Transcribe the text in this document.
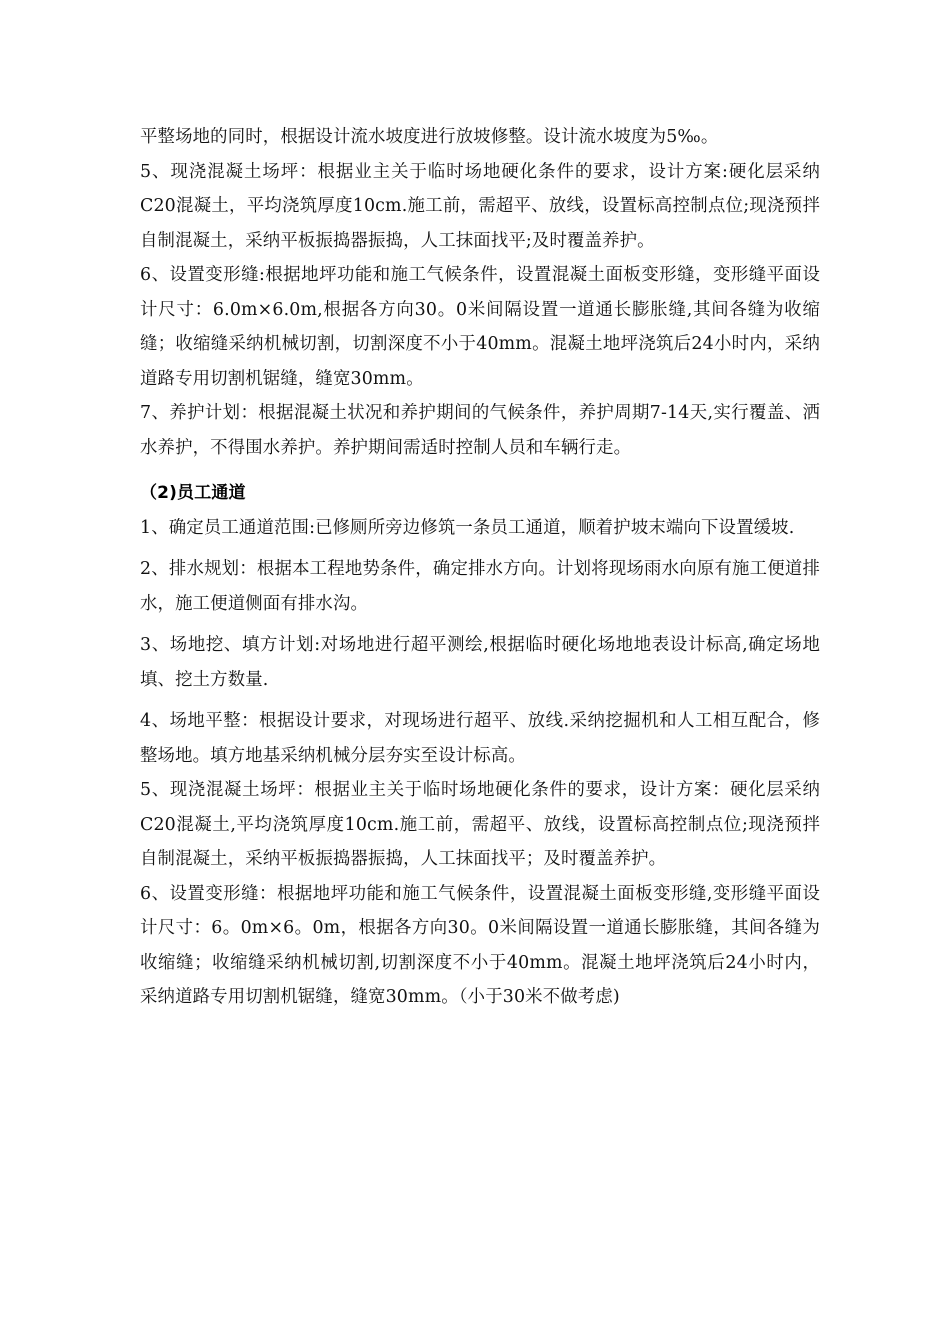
平整场地的同时，根据设计流水坡度进行放坡修整。设计流水坡度为5‰。

5、现浇混凝土场坪：根据业主关于临时场地硬化条件的要求，设计方案:硬化层采纳C20混凝土，平均浇筑厚度10cm.施工前，需超平、放线，设置标高控制点位;现浇预拌自制混凝土，采纳平板振捣器振捣，人工抹面找平;及时覆盖养护。

6、设置变形缝:根据地坪功能和施工气候条件，设置混凝土面板变形缝，变形缝平面设计尺寸：6.0m×6.0m,根据各方向30。0米间隔设置一道通长膨胀缝,其间各缝为收缩缝；收缩缝采纳机械切割，切割深度不小于40mm。混凝土地坪浇筑后24小时内，采纳道路专用切割机锯缝，缝宽30mm。

7、养护计划：根据混凝土状况和养护期间的气候条件，养护周期7-14天,实行覆盖、洒水养护，不得围水养护。养护期间需适时控制人员和车辆行走。

（2)员工通道

1、确定员工通道范围:已修厕所旁边修筑一条员工通道，顺着护坡末端向下设置缓坡.

2、排水规划：根据本工程地势条件，确定排水方向。计划将现场雨水向原有施工便道排水，施工便道侧面有排水沟。

3、场地挖、填方计划:对场地进行超平测绘,根据临时硬化场地地表设计标高,确定场地填、挖土方数量.

4、场地平整：根据设计要求，对现场进行超平、放线.采纳挖掘机和人工相互配合，修整场地。填方地基采纳机械分层夯实至设计标高。

5、现浇混凝土场坪：根据业主关于临时场地硬化条件的要求，设计方案：硬化层采纳C20混凝土,平均浇筑厚度10cm.施工前，需超平、放线，设置标高控制点位;现浇预拌自制混凝土，采纳平板振捣器振捣，人工抹面找平；及时覆盖养护。

6、设置变形缝：根据地坪功能和施工气候条件，设置混凝土面板变形缝,变形缝平面设计尺寸：6。0m×6。0m，根据各方向30。0米间隔设置一道通长膨胀缝，其间各缝为收缩缝；收缩缝采纳机械切割,切割深度不小于40mm。混凝土地坪浇筑后24小时内，采纳道路专用切割机锯缝，缝宽30mm。（小于30米不做考虑)
